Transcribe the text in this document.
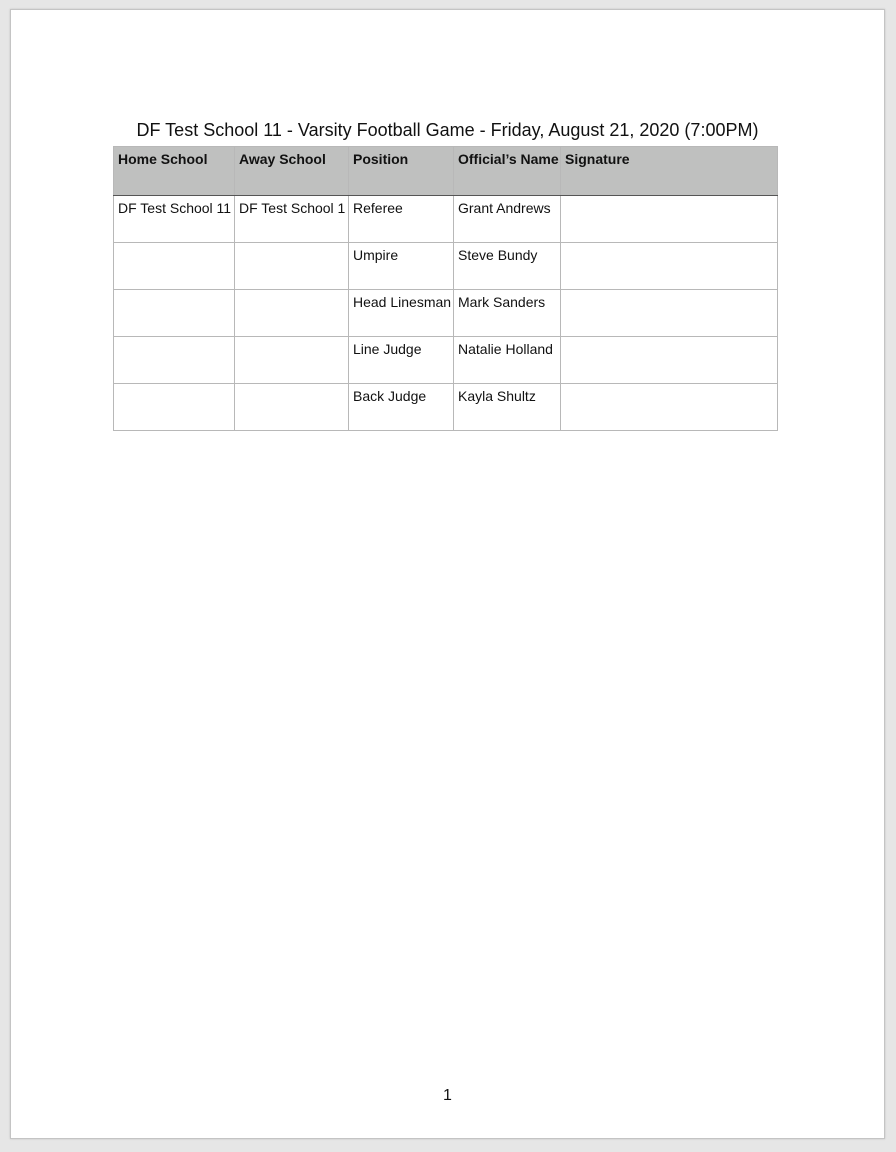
DF Test School 11 - Varsity Football Game - Friday, August 21, 2020 (7:00PM)
Home School	Away School	Position	Official’s Name	Signature
DF Test School 11	DF Test School 1	Referee	Grant Andrews	
		Umpire	Steve Bundy	
		Head Linesman	Mark Sanders	
		Line Judge	Natalie Holland	
		Back Judge	Kayla Shultz	
1
